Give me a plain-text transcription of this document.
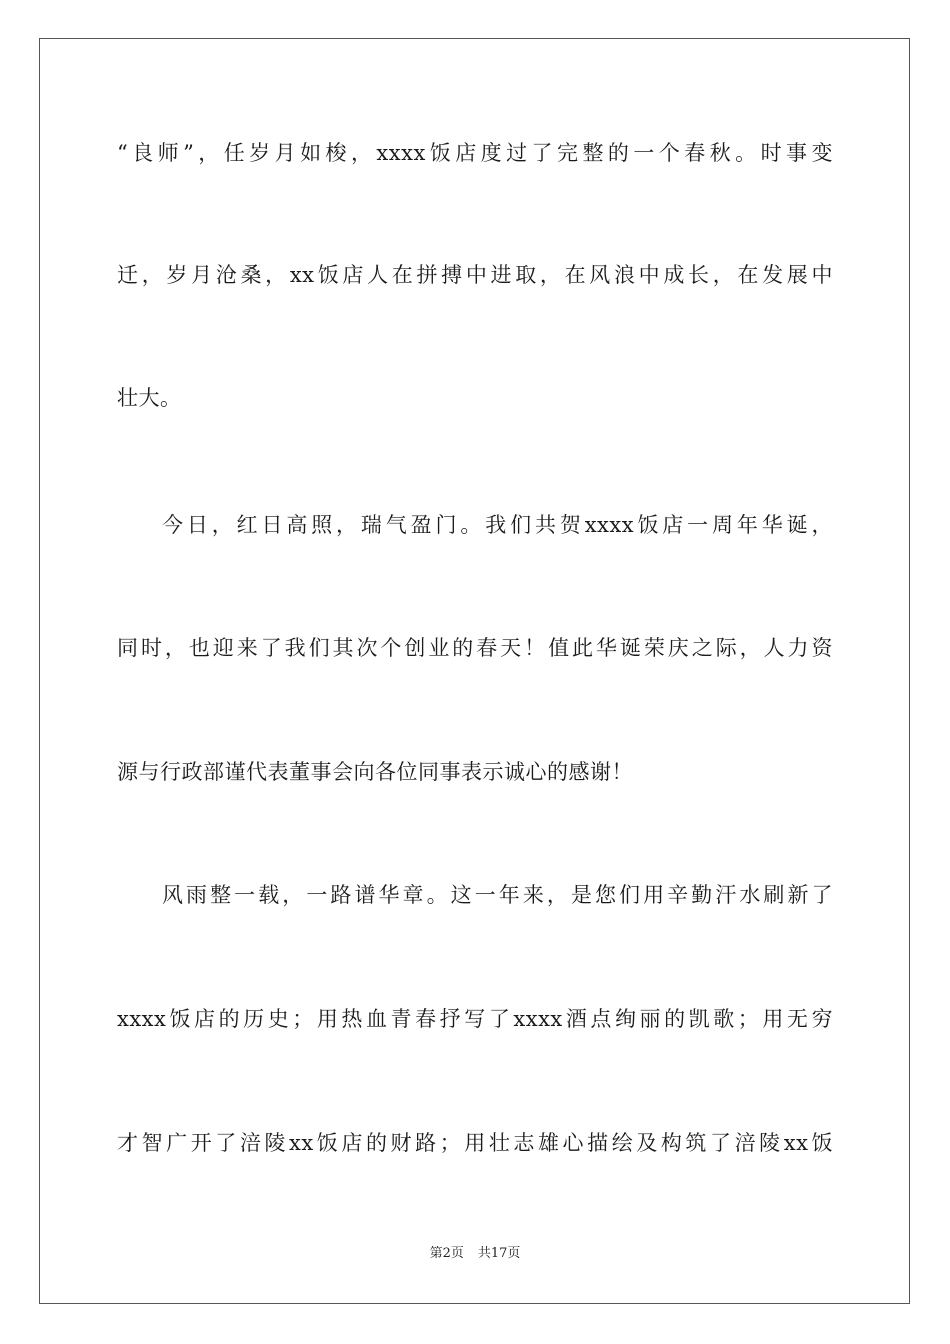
“良师”，任岁月如梭，xxxx饭店度过了完整的一个春秋。时事变
迁，岁月沧桑，xx饭店人在拼搏中进取，在风浪中成长，在发展中
壮大。
今日，红日高照，瑞气盈门。我们共贺xxxx饭店一周年华诞，
同时，也迎来了我们其次个创业的春天！值此华诞荣庆之际，人力资
源与行政部谨代表董事会向各位同事表示诚心的感谢！
风雨整一载，一路谱华章。这一年来，是您们用辛勤汗水刷新了
xxxx饭店的历史；用热血青春抒写了xxxx酒点绚丽的凯歌；用无穷
才智广开了涪陵xx饭店的财路；用壮志雄心描绘及构筑了涪陵xx饭
第2页 共17页
